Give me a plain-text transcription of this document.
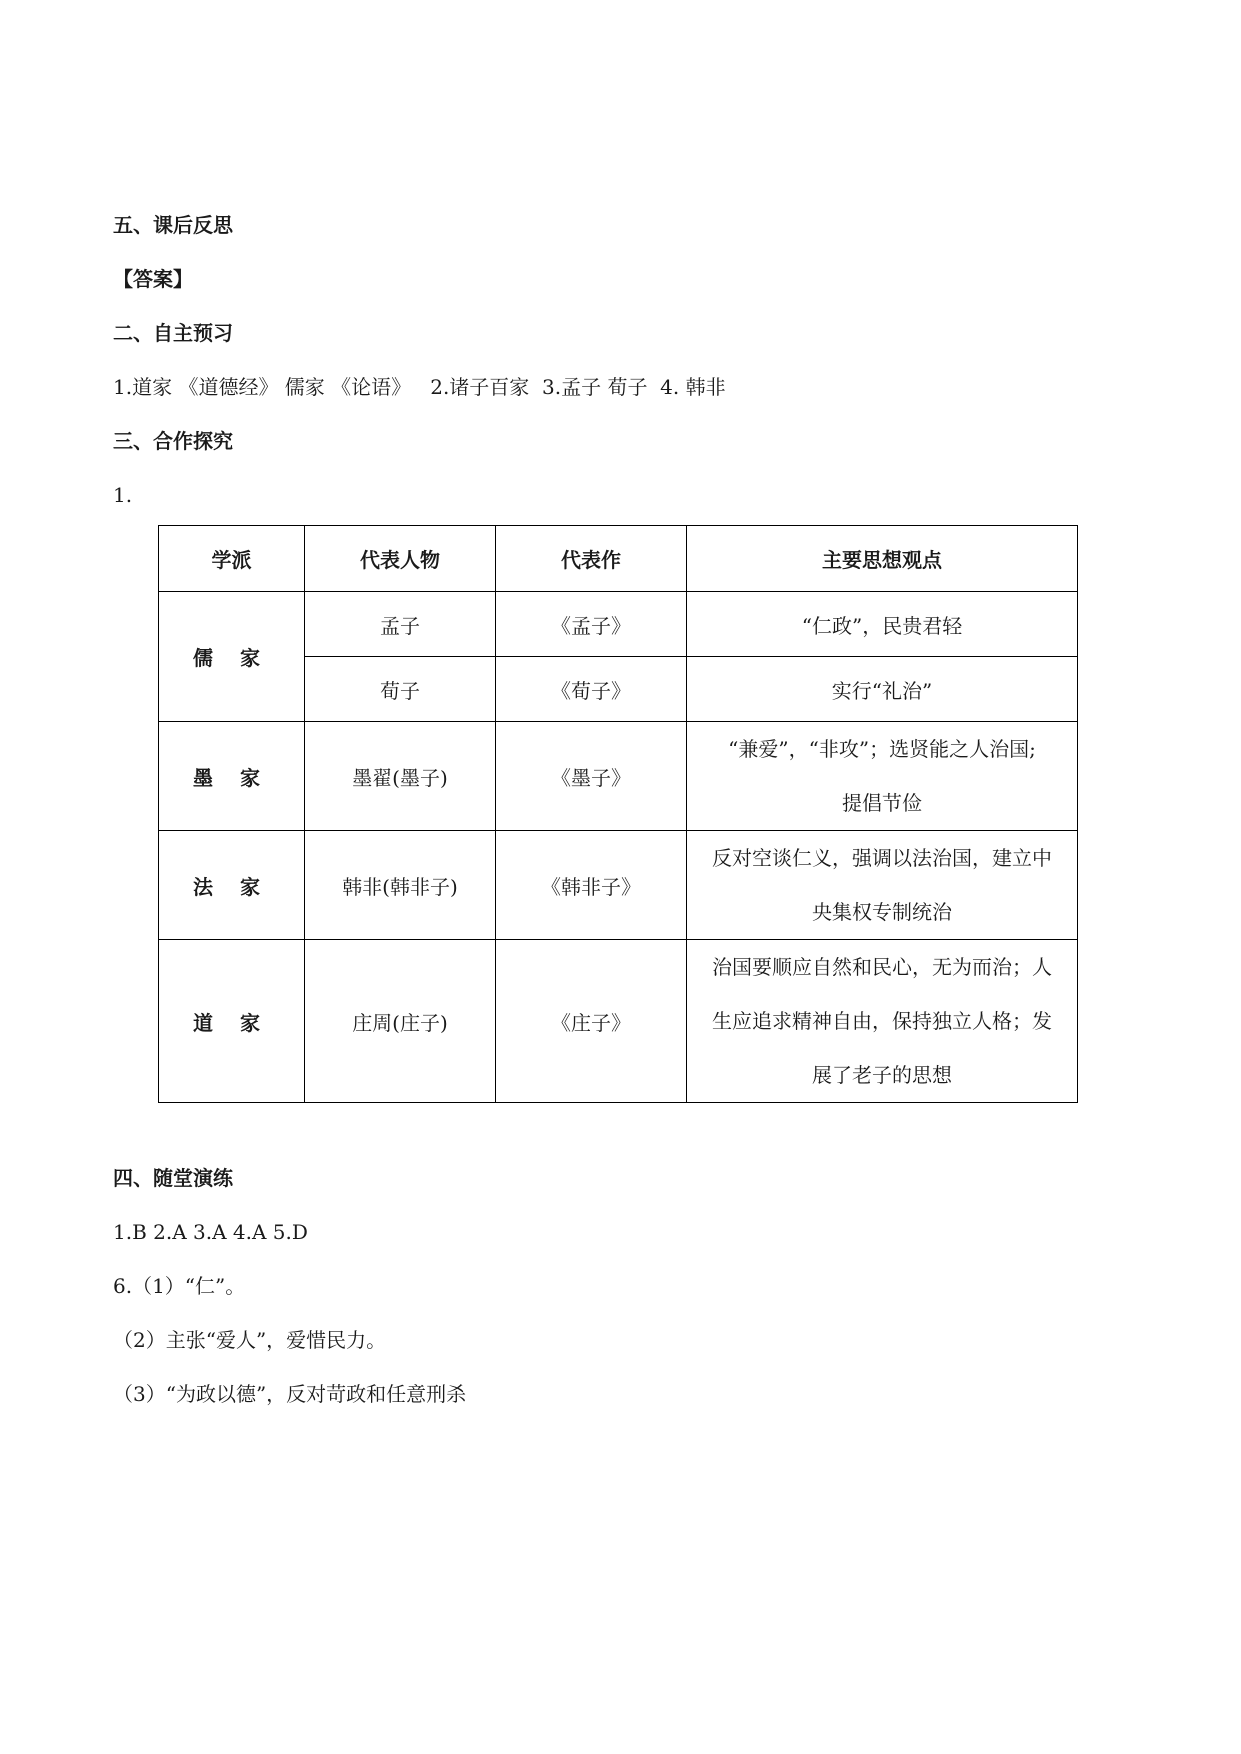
五、课后反思
【答案】
二、自主预习
1.道家 《道德经》 儒家 《论语》   2.诸子百家  3.孟子 荀子  4. 韩非
三、合作探究
1.
学派	代表人物	代表作	主要思想观点
儒 家	孟子	《孟子》	“仁政”，民贵君轻
	荀子	《荀子》	实行“礼治”
墨 家	墨翟(墨子)	《墨子》	“兼爱”，“非攻”；选贤能之人治国;
提倡节俭

法 家	韩非(韩非子)	《韩非子》	反对空谈仁义，强调以法治国，建立中
央集权专制统治

道 家	庄周(庄子)	《庄子》	治国要顺应自然和民心，无为而治；人
生应追求精神自由，保持独立人格；发
展了老子的思想
四、随堂演练
1.B 2.A 3.A 4.A 5.D
6.（1）“仁”。
（2）主张“爱人”，爱惜民力。
（3）“为政以德”，反对苛政和任意刑杀
